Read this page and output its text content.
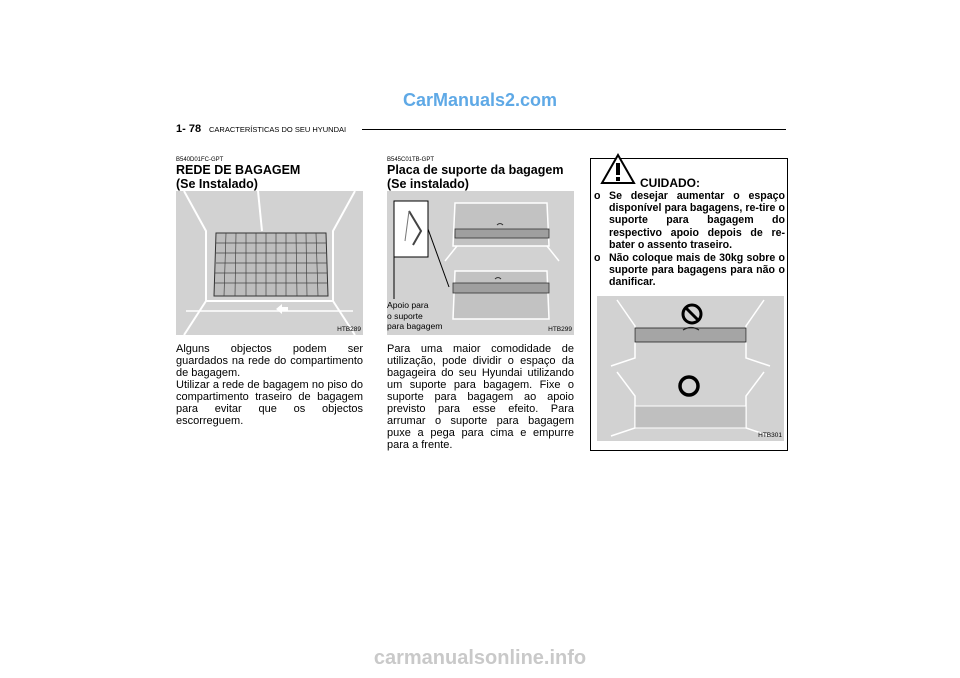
CarManuals2.com
1- 78 CARACTERÍSTICAS DO SEU HYUNDAI
B540D01FC-GPT
REDE DE BAGAGEM
(Se Instalado)
HTB289
Alguns objectos podem ser guardados na rede do compartimento de bagagem.
Utilizar a rede de bagagem no piso do compartimento traseiro de bagagem para evitar que os objectos escorreguem.
B545C01TB-GPT
Placa de suporte da bagagem
(Se instalado)
HTB299
Apoio para
o suporte
para bagagem
Para uma maior comodidade de utilização, pode dividir o espaço da bagageira do seu Hyundai utilizando um suporte para bagagem. Fixe o suporte para bagagem ao apoio previsto para esse efeito. Para arrumar o suporte para bagagem puxe a pega para cima e empurre para a frente.
CUIDADO:
o Se desejar aumentar o espaço disponível para bagagens, re-tire o suporte para bagagem do respectivo apoio depois de re-bater o assento traseiro.
o Não coloque mais de 30kg sobre o suporte para bagagens para não o danificar.
HTB301
carmanualsonline.info
